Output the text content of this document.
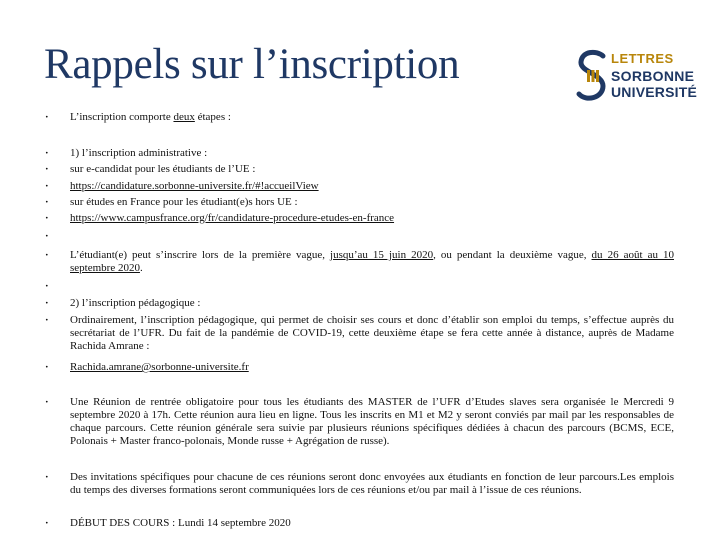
Rappels sur l’inscription	LETTRES
SORBONNE
UNIVERSITÉ
• L’inscription comporte deux étapes :
• 1) l’inscription administrative :
• sur e-candidat pour les étudiants de l’UE :
• https://candidature.sorbonne-universite.fr/#!accueilView
• sur études en France pour les étudiant(e)s hors UE :
• https://www.campusfrance.org/fr/candidature-procedure-etudes-en-france
•
• L’étudiant(e) peut s’inscrire lors de la première vague, jusqu’au 15 juin 2020, ou pendant la deuxième vague, du 26 août au 10 septembre 2020.
•
• 2) l’inscription pédagogique :
• Ordinairement, l’inscription pédagogique, qui permet de choisir ses cours et donc d’établir son emploi du temps, s’effectue auprès du secrétariat de l’UFR. Du fait de la pandémie de COVID-19, cette deuxième étape se fera cette année à distance, auprès de Madame Rachida Amrane :
• Rachida.amrane@sorbonne-universite.fr
• Une Réunion de rentrée obligatoire pour tous les étudiants des MASTER de l’UFR d’Etudes slaves sera organisée le Mercredi 9 septembre 2020 à 17h. Cette réunion aura lieu en ligne. Tous les inscrits en M1 et M2 y seront conviés par mail par les responsables de chaque parcours. Cette réunion générale sera suivie par plusieurs réunions spécifiques dédiées à chacun des parcours (BCMS, ECE, Polonais + Master franco-polonais, Monde russe + Agrégation de russe).
• Des invitations spécifiques pour chacune de ces réunions seront donc envoyées aux étudiants en fonction de leur parcours.Les emplois du temps des diverses formations seront communiquées lors de ces réunions et/ou par mail à l’issue de ces réunions.
• DÉBUT DES COURS : Lundi 14 septembre 2020
